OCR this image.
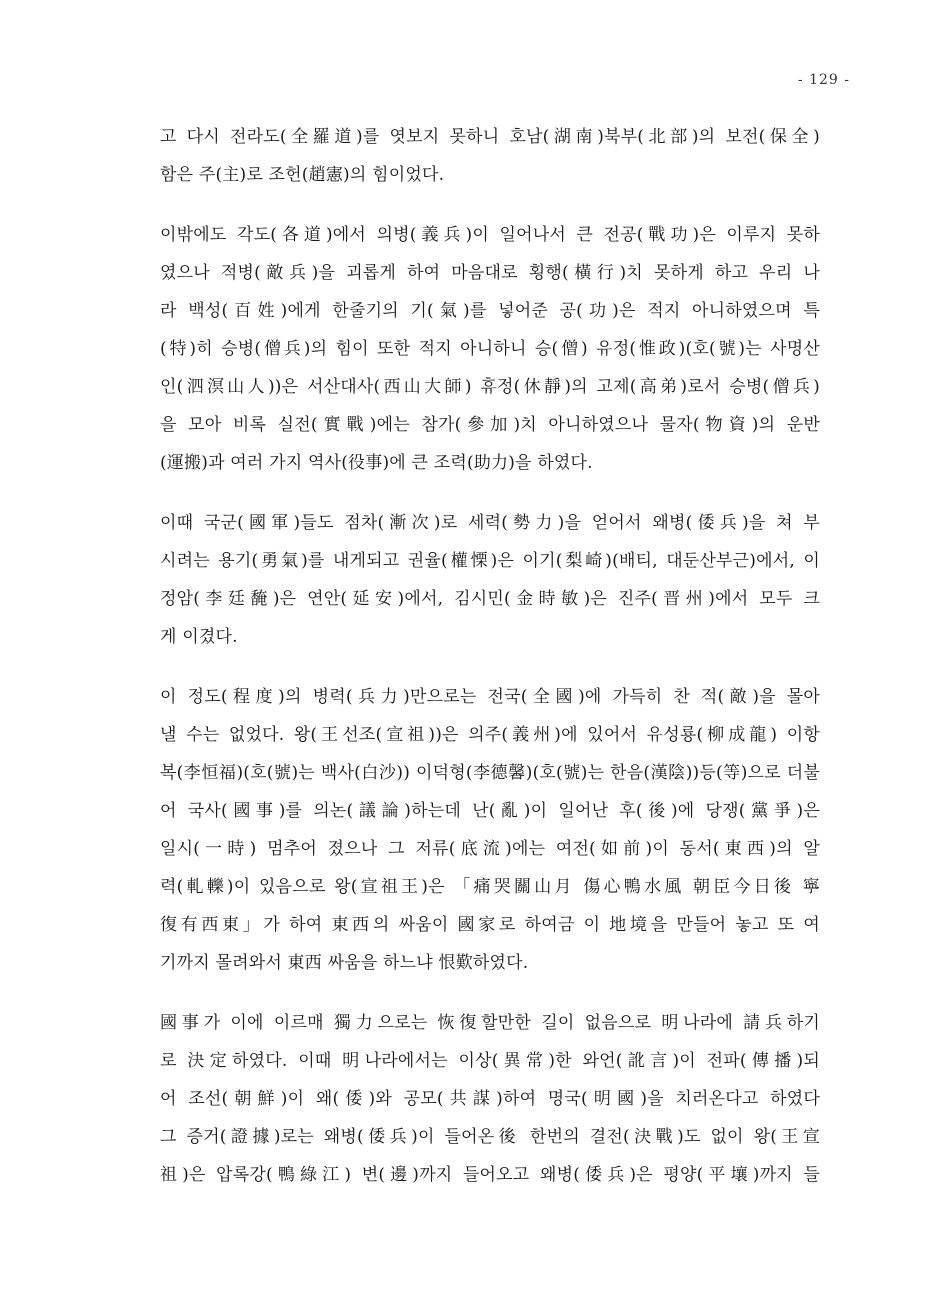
- 129 -
고 다시 전라도(全羅道)를 엿보지 못하니 호남(湖南)북부(北部)의 보전(保全)
함은 주(主)로 조헌(趙憲)의 힘이었다.
이밖에도 각도(各道)에서 의병(義兵)이 일어나서 큰 전공(戰功)은 이루지 못하
였으나 적병(敵兵)을 괴롭게 하여 마음대로 횡행(橫行)치 못하게 하고 우리 나
라 백성(百姓)에게 한줄기의 기(氣)를 넣어준 공(功)은 적지 아니하였으며 특
(特)히 승병(僧兵)의 힘이 또한 적지 아니하니 승(僧) 유정(惟政)(호(號)는 사명산
인(泗溟山人))은 서산대사(西山大師) 휴정(休靜)의 고제(高弟)로서 승병(僧兵)
을 모아 비록 실전(實戰)에는 참가(參加)치 아니하였으나 물자(物資)의 운반
(運搬)과 여러 가지 역사(役事)에 큰 조력(助力)을 하였다.
이때 국군(國軍)들도 점차(漸次)로 세력(勢力)을 얻어서 왜병(倭兵)을 쳐 부
시려는 용기(勇氣)를 내게되고 권율(權慄)은 이기(梨崎)(배티, 대둔산부근)에서, 이
정암(李廷馣)은 연안(延安)에서, 김시민(金時敏)은 진주(晋州)에서 모두 크
게 이겼다.
이 정도(程度)의 병력(兵力)만으로는 전국(全國)에 가득히 찬 적(敵)을 몰아
낼 수는 없었다. 왕(王선조(宣祖))은 의주(義州)에 있어서 유성룡(柳成龍) 이항
복(李恒福)(호(號)는 백사(白沙)) 이덕형(李德馨)(호(號)는 한음(漢陰))등(等)으로 더불
어 국사(國事)를 의논(議論)하는데 난(亂)이 일어난 후(後)에 당쟁(黨爭)은
일시(一時) 멈추어 졌으나 그 저류(底流)에는 여전(如前)이 동서(東西)의 알
력(軋轢)이 있음으로 왕(宣祖王)은 「痛哭關山月 傷心鴨水風 朝臣今日後 寧
復有西東」가 하여 東西의 싸움이 國家로 하여금 이 地境을 만들어 놓고 또 여
기까지 몰려와서 東西 싸움을 하느냐 恨歎하였다.
國事가 이에 이르매 獨力으로는 恢復할만한 길이 없음으로 明나라에 請兵하기
로 決定하였다. 이때 明나라에서는 이상(異常)한 와언(訛言)이 전파(傳播)되
어 조선(朝鮮)이 왜(倭)와 공모(共謀)하여 명국(明國)을 치러온다고 하였다
그 증거(證據)로는 왜병(倭兵)이 들어온後 한번의 결전(決戰)도 없이 왕(王宣
祖)은 압록강(鴨綠江) 변(邊)까지 들어오고 왜병(倭兵)은 평양(平壤)까지 들
